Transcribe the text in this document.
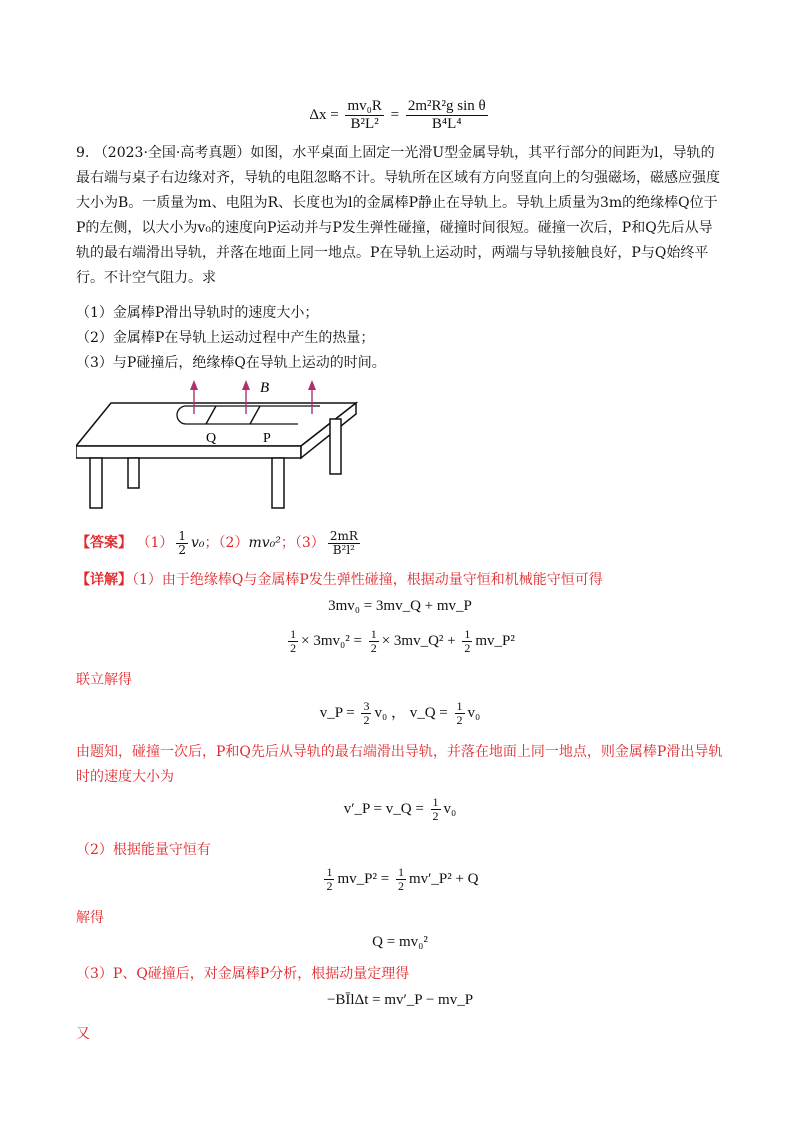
$\Delta x = \frac{\text{mv₀R}}{\text{B²L²}} = \frac{\text{2m²R²g sin θ}}{\text{B⁴L⁴}}$
9. （2023·全国·高考真题）如图，水平桌面上固定一光滑U型金属导轨，其平行部分的间距为l，导轨的最右端与桌子右边缘对齐，导轨的电阻忽略不计。导轨所在区域有方向竖直向上的匀强磁场，磁感应强度大小为B。一质量为m、电阻为R、长度也为l的金属棒P静止在导轨上。导轨上质量为3m的绝缘棒Q位于P的左侧，以大小为v₀的速度向P运动并与P发生弹性碰撞，碰撞时间很短。碰撞一次后，P和Q先后从导轨的最右端滑出导轨，并落在地面上同一地点。P在导轨上运动时，两端与导轨接触良好，P与Q始终平行。不计空气阻力。求
（1）金属棒P滑出导轨时的速度大小；
（2）金属棒P在导轨上运动过程中产生的热量；
（3）与P碰撞后，绝缘棒Q在导轨上运动的时间。
B
Q	P
【答案】 $(1) \frac{1}{2} v_0$；（2）mv₀²；$(3) \frac{2mR}{\text{B²l²}}$
【详解】（1）由于绝缘棒Q与金属棒P发生弹性碰撞，根据动量守恒和机械能守恒可得
3mv₀ = 3mv_Q + mv_P
$\frac{1}{2} \times 3mv_0^2 = \frac{1}{2}$ × 3mv_Q² + $\frac{1}{2}$ mv_P²
联立解得
v_P = $\frac{3}{2} v_0$ ， v_Q = $\frac{1}{2} v_0$
由题知，碰撞一次后，P和Q先后从导轨的最右端滑出导轨，并落在地面上同一地点，则金属棒P滑出导轨时的速度大小为
v′_P = v_Q = $\frac{1}{2} v_0$
（2）根据能量守恒有
$\frac{1}{2}$ mv_P² = $\frac{1}{2}$ mv′_P² + Q
解得
Q = mv₀²
（3）P、Q碰撞后，对金属棒P分析，根据动量定理得
−BĪlΔt = mv′_P − mv_P
又
